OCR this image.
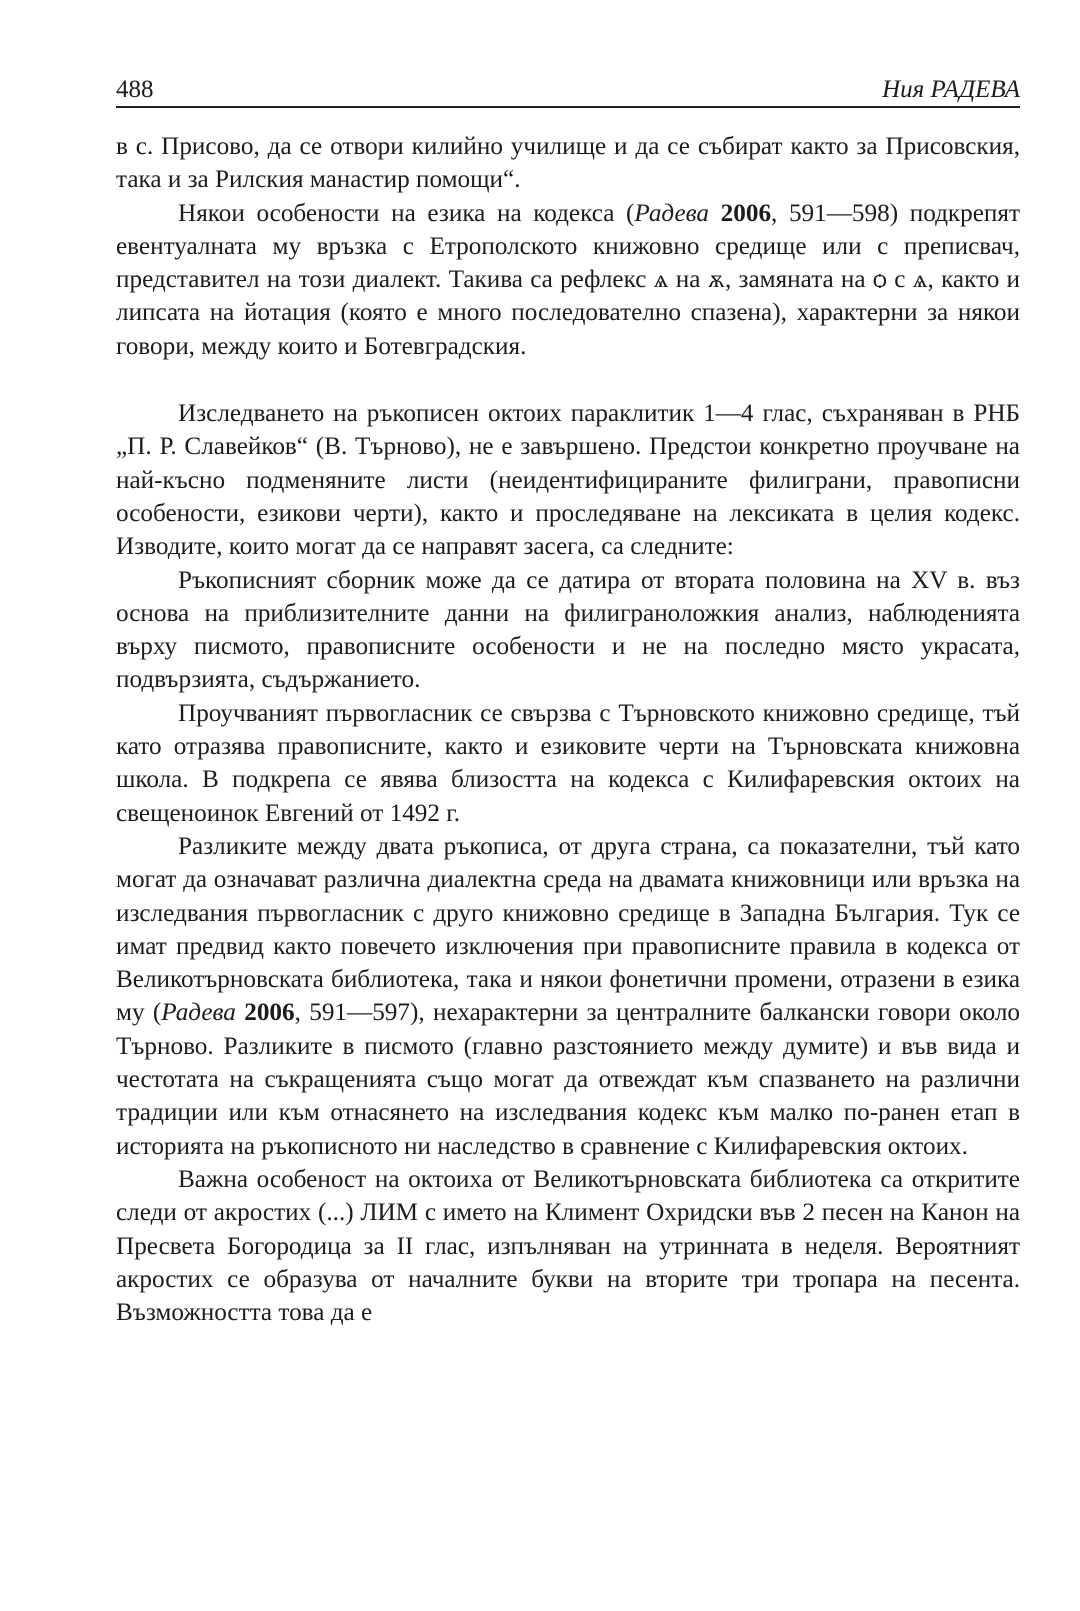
488	Ния РАДЕВА

в с. Присово, да се отвори килийно училище и да се събират както за Присовския, така и за Рилския манастир помощи“.

Някои особености на езика на кодекса (Радева 2006, 591—598) подкрепят евентуалната му връзка с Етрополското книжовно средище или с преписвач, представител на този диалект. Такива са рефлекс ѧ на ѫ, замяната на ѻ с ѧ, както и липсата на йотация (която е много последователно спазена), характерни за някои говори, между които и Ботевградския.

Изследването на ръкописен октоих параклитик 1—4 глас, съхраняван в РНБ „П. Р. Славейков“ (В. Търново), не е завършено. Предстои конкретно проучване на най-късно подменяните листи (неидентифицираните филиграни, правописни особености, езикови черти), както и проследяване на лексиката в целия кодекс. Изводите, които могат да се направят засега, са следните:

Ръкописният сборник може да се датира от втората половина на XV в. въз основа на приблизителните данни на филиграноложкия анализ, наблюденията върху писмото, правописните особености и не на последно място украсата, подвързията, съдържанието.

Проучваният първогласник се свързва с Търновското книжовно средище, тъй като отразява правописните, както и езиковите черти на Търновската книжовна школа. В подкрепа се явява близостта на кодекса с Килифаревския октоих на свещеноинок Евгений от 1492 г.

Разликите между двата ръкописа, от друга страна, са показателни, тъй като могат да означават различна диалектна среда на двамата книжовници или връзка на изследвания първогласник с друго книжовно средище в Западна България. Тук се имат предвид както повечето изключения при правописните правила в кодекса от Великотърновската библиотека, така и някои фонетични промени, отразени в езика му (Радева 2006, 591—597), нехарактерни за централните балкански говори около Търново. Разликите в писмото (главно разстоянието между думите) и във вида и честотата на съкращенията също могат да отвеждат към спазването на различни традиции или към отнасянето на изследвания кодекс към малко по-ранен етап в историята на ръкописното ни наследство в сравнение с Килифаревския октоих.

Важна особеност на октоиха от Великотърновската библиотека са откритите следи от акростих (...) ЛИМ с името на Климент Охридски във 2 песен на Канон на Пресвета Богородица за II глас, изпълняван на утринната в неделя. Вероятният акростих се образува от началните букви на вторите три тропара на песента. Възможността това да е
